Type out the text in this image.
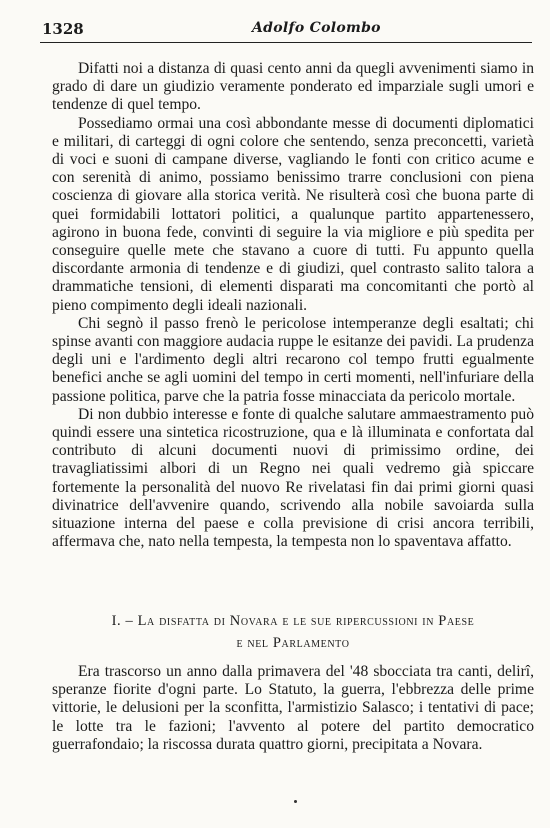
1328	Adolfo Colombo

Difatti noi a distanza di quasi cento anni da quegli avvenimenti siamo in grado di dare un giudizio veramente ponderato ed imparziale sugli umori e tendenze di quel tempo.

Possediamo ormai una così abbondante messe di documenti diplomatici e militari, di carteggi di ogni colore che sentendo, senza preconcetti, varietà di voci e suoni di campane diverse, vagliando le fonti con critico acume e con serenità di animo, possiamo benissimo trarre conclusioni con piena coscienza di giovare alla storica verità. Ne risulterà così che buona parte di quei formidabili lottatori politici, a qualunque partito appartenessero, agirono in buona fede, convinti di seguire la via migliore e più spedita per conseguire quelle mete che stavano a cuore di tutti. Fu appunto quella discordante armonia di tendenze e di giudizi, quel contrasto salito talora a drammatiche tensioni, di elementi disparati ma concomitanti che portò al pieno compimento degli ideali nazionali.

Chi segnò il passo frenò le pericolose intemperanze degli esaltati; chi spinse avanti con maggiore audacia ruppe le esitanze dei pavidi. La prudenza degli uni e l'ardimento degli altri recarono col tempo frutti egualmente benefici anche se agli uomini del tempo in certi momenti, nell'infuriare della passione politica, parve che la patria fosse minacciata da pericolo mortale.

Di non dubbio interesse e fonte di qualche salutare ammaestramento può quindi essere una sintetica ricostruzione, qua e là illuminata e confortata dal contributo di alcuni documenti nuovi di primissimo ordine, dei travagliatissimi albori di un Regno nei quali vedremo già spiccare fortemente la personalità del nuovo Re rivelatasi fin dai primi giorni quasi divinatrice dell'avvenire quando, scrivendo alla nobile savoiarda sulla situazione interna del paese e colla previsione di crisi ancora terribili, affermava che, nato nella tempesta, la tempesta non lo spaventava affatto.

I. – La disfatta di Novara e le sue ripercussioni in Paese
e nel Parlamento

Era trascorso un anno dalla primavera del '48 sbocciata tra canti, delirî, speranze fiorite d'ogni parte. Lo Statuto, la guerra, l'ebbrezza delle prime vittorie, le delusioni per la sconfitta, l'armistizio Salasco; i tentativi di pace; le lotte tra le fazioni; l'avvento al potere del partito democratico guerrafondaio; la riscossa durata quattro giorni, precipitata a Novara.
